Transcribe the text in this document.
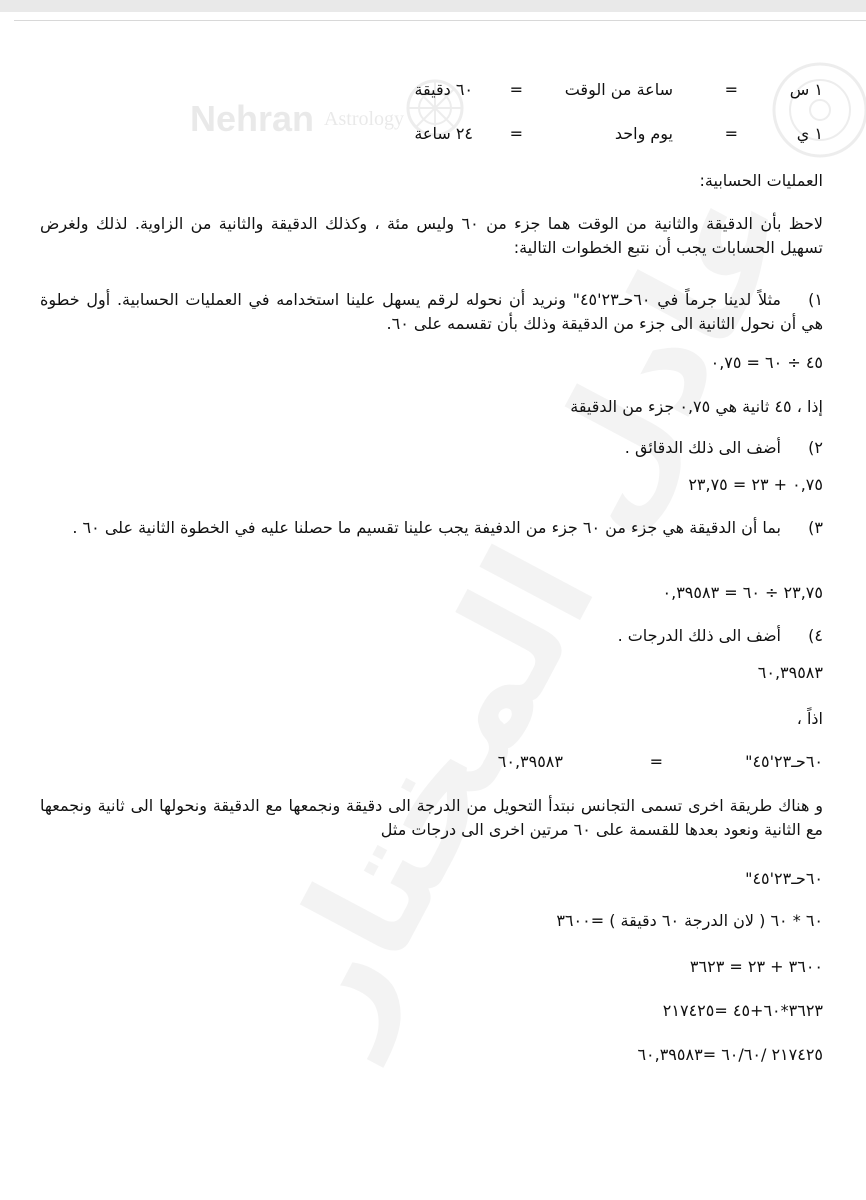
Nehran Astrology
١ س
=
ساعة من الوقت
=
٦٠ دقيقة
١ ي
=
يوم واحد
=
٢٤ ساعة
العمليات الحسابية:
لاحظ بأن الدقيقة والثانية من الوقت هما جزء من ٦٠ وليس مئة ، وكذلك الدقيقة والثانية من الزاوية. لذلك ولغرض تسهيل الحسابات يجب أن نتبع الخطوات التالية:
١)مثلاً لدينا جرماً في ٦٠حـ٢٣'٤٥" ونريد أن نحوله لرقم يسهل علينا استخدامه في العمليات الحسابية. أول خطوة هي أن نحول الثانية الى جزء من الدقيقة وذلك بأن تقسمه على ٦٠.
٤٥ ÷ ٦٠ = ٠,٧٥
إذا ، ٤٥ ثانية هي ٠,٧٥ جزء من الدقيقة
٢)أضف الى ذلك الدقائق .
٠,٧٥ + ٢٣ = ٢٣,٧٥
٣)بما أن الدقيقة هي جزء من ٦٠ جزء من الدفيفة يجب علينا تقسيم ما حصلنا عليه في الخطوة الثانية على ٦٠ .
٢٣,٧٥ ÷ ٦٠ = ٠,٣٩٥٨٣
٤)أضف الى ذلك الدرجات .
٦٠,٣٩٥٨٣
اذاً ،
٦٠حـ٢٣'٤٥"
=
٦٠,٣٩٥٨٣
و هناك طريقة اخرى تسمى التجانس نبتدأ التحويل من الدرجة الى دقيقة ونجمعها مع الدقيقة ونحولها الى ثانية ونجمعها مع الثانية ونعود بعدها للقسمة على ٦٠ مرتين اخرى الى درجات مثل
٦٠حـ٢٣'٤٥"
٦٠ * ٦٠ ( لان الدرجة ٦٠ دقيقة ) =٣٦٠٠
٣٦٠٠ + ٢٣ = ٣٦٢٣
٣٦٢٣*٦٠+٤٥ =٢١٧٤٢٥
٢١٧٤٢٥ /٦٠/٦٠ =٦٠,٣٩٥٨٣
